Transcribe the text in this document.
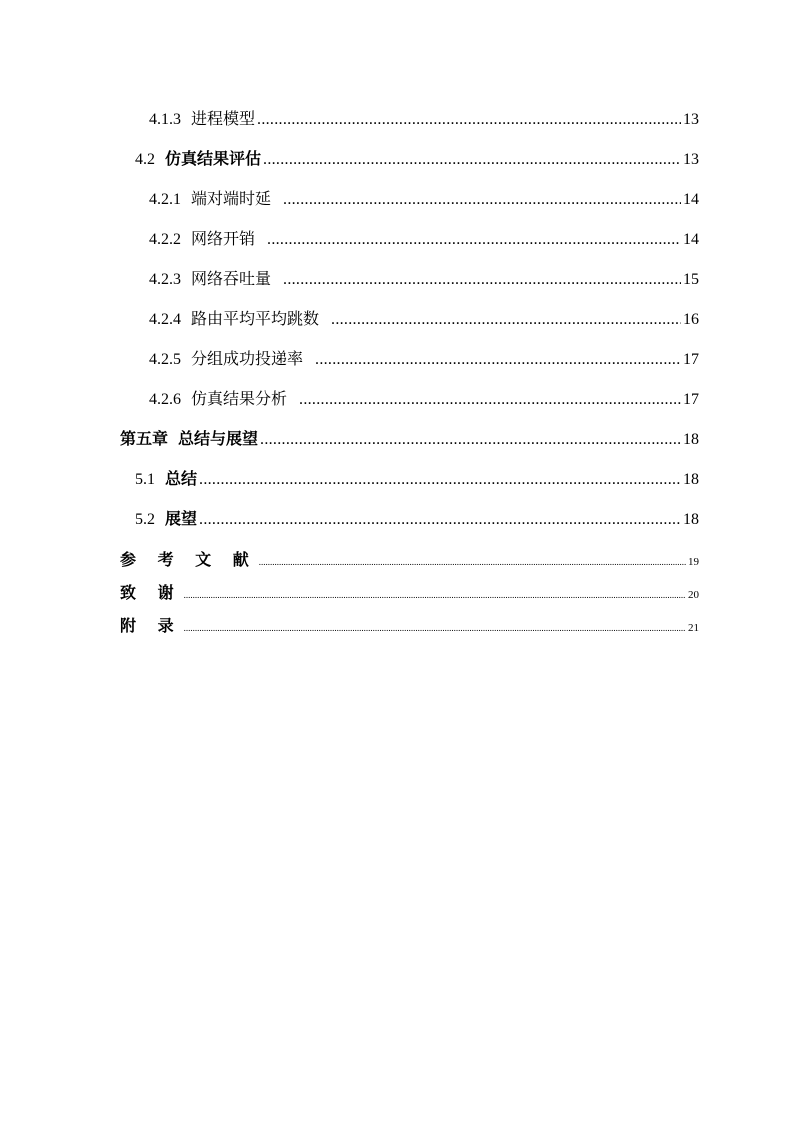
4.1.3 进程模型 .....	13
4.2 仿真结果评估 .....	13
4.2.1 端对端时延 .....	14
4.2.2 网络开销 .....	14
4.2.3 网络吞吐量 .....	15
4.2.4 路由平均平均跳数 .....	16
4.2.5 分组成功投递率 .....	17
4.2.6 仿真结果分析 .....	17
第五章 总结与展望 .....	18
5.1 总结 .....	18
5.2 展望 .....	18
参 考 文 献 .....	19
致 谢 .....	20
附 录 .....	21
